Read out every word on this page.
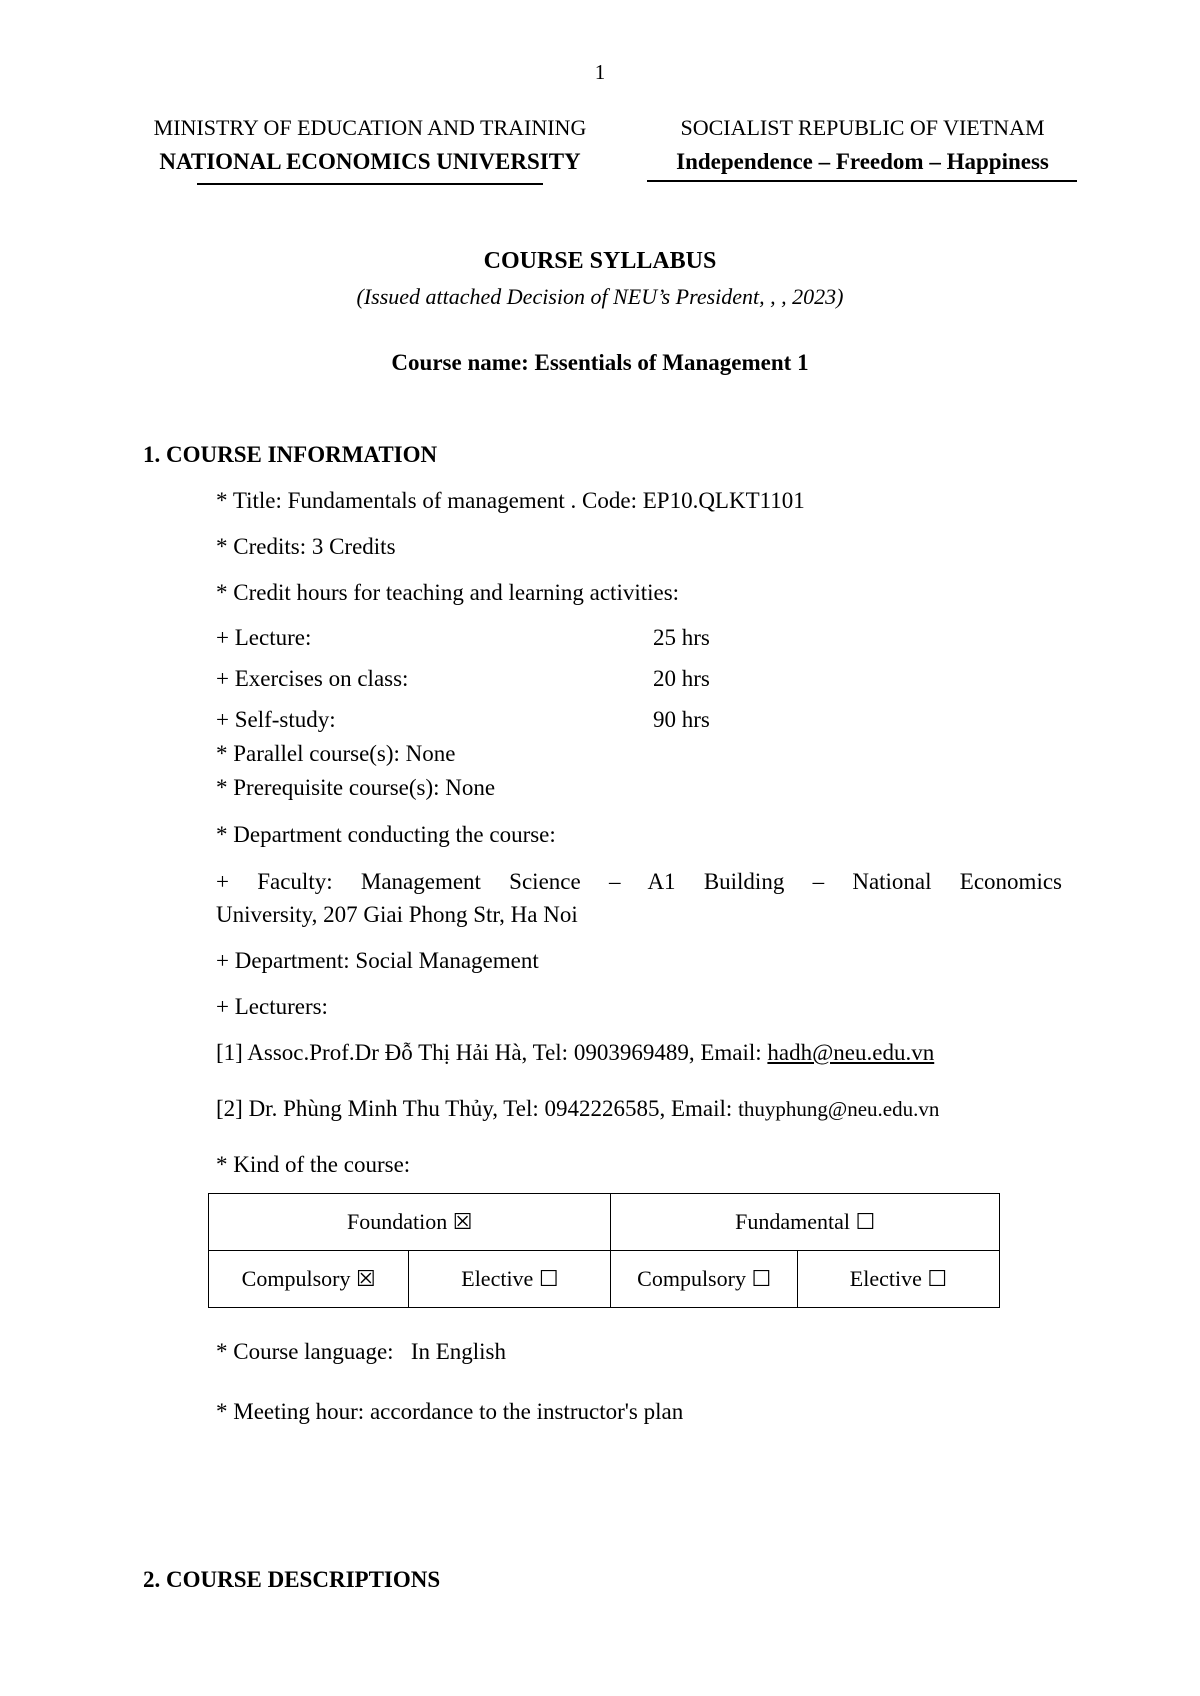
1
MINISTRY OF EDUCATION AND TRAINING
NATIONAL ECONOMICS UNIVERSITY
SOCIALIST REPUBLIC OF VIETNAM
Independence – Freedom – Happiness
COURSE SYLLABUS
(Issued attached Decision of NEU’s President, , , 2023)
Course name: Essentials of Management 1
1. COURSE INFORMATION
* Title: Fundamentals of management . Code: EP10.QLKT1101
* Credits: 3 Credits
* Credit hours for teaching and learning activities:
+ Lecture:	25 hrs
+ Exercises on class:	20 hrs
+ Self-study:	90 hrs
* Parallel course(s): None
* Prerequisite course(s): None
* Department conducting the course:
+ Faculty: Management Science – A1 Building – National Economics
University, 207 Giai Phong Str, Ha Noi
+ Department: Social Management
+ Lecturers:
[1] Assoc.Prof.Dr Đỗ Thị Hải Hà, Tel: 0903969489, Email: hadh@neu.edu.vn
[2] Dr. Phùng Minh Thu Thủy, Tel: 0942226585, Email: thuyphung@neu.edu.vn
* Kind of the course:
Foundation ☒		Fundamental ☐	
Compulsory ☒	Elective ☐	Compulsory ☐	Elective ☐
* Course language:   In English
* Meeting hour: accordance to the instructor's plan
2. COURSE DESCRIPTIONS
